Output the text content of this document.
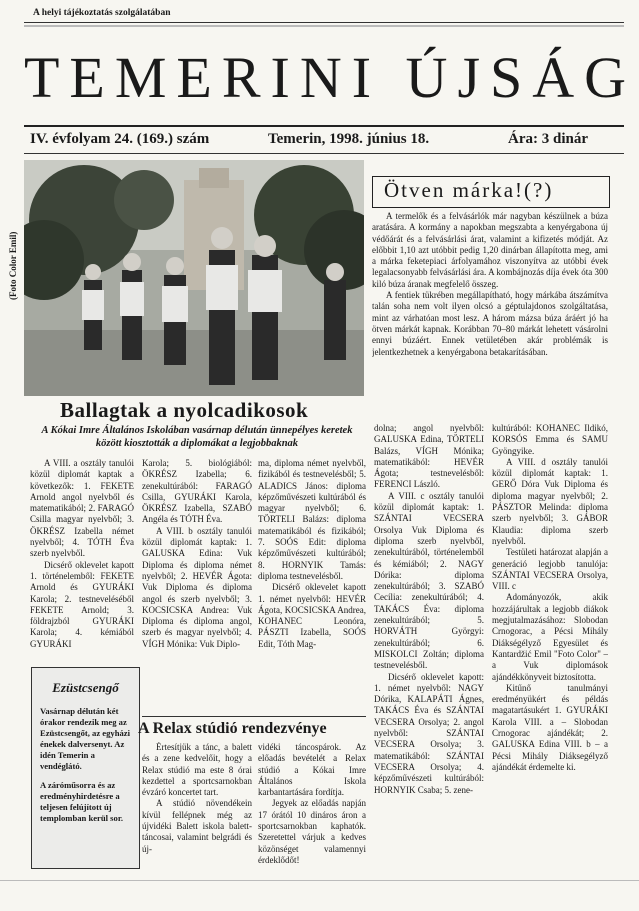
A helyi tájékoztatás szolgálatában
TEMERINI ÚJSÁG
IV. évfolyam 24. (169.) szám	Temerin, 1998. június 18.	Ára: 3 dinár
(Foto Color Emil)
Ötven márka!(?)

A termelők és a felvásárlók már nagyban készülnek a búza aratására. A kormány a napokban megszabta a kenyérgabona új védőárát és a felvásárlási árat, valamint a kifizetés módját. Az előbbit 1,10 azt utóbbit pedig 1,20 dinárban állapította meg, ami a márka feketepiaci árfolyamához viszonyítva az utóbbi évek legalacsonyabb felvásárlási ára. A kombájnozás díja évek óta 300 kiló búza áranak megfelelő összeg.

A fentiek tükrében megállapítható, hogy márkába átszámítva talán soha nem volt ilyen olcsó a géptulajdonos szolgáltatása, mint az várhatóan most lesz. A három mázsa búza áráért jó ha ötven márkát kapnak. Korábban 70–80 márkát lehetett vásárolni ennyi búzáért. Ennek vetületében akár problémák is jelentkezhetnek a kenyérgabona betakarításában.

Ballagtak a nyolcadikosok
A Kókai Imre Általános Iskolában vasárnap délután ünnepélyes keretek között kiosztották a diplomákat a legjobbaknak

A VIII. a osztály tanulói közül diplomát kaptak a következők: 1. FEKETE Arnold angol nyelvből és matematikából; 2. FARAGÓ Csilla magyar nyelvből; 3. ÖKRÉSZ Izabella német nyelvből; 4. TÓTH Éva szerb nyelvből.

Dicsérő oklevelet kapott 1. történelemből: FEKETE Arnold és GYURÁKI Karola; 2. testneveléséből FEKETE Arnold; 3. földrajzból GYURÁKI Karola; 4. kémiából GYURÁKI

Karola; 5. biológiából: ÖKRÉSZ Izabella; 6. zenekultúrából: FARAGÓ Csilla, GYURÁKI Karola, ÖKRÉSZ Izabella, SZABÓ Angéla és TÓTH Éva.

A VIII. b osztály tanulói közül diplomát kaptak: 1. GALUSKA Edina: Vuk Diploma és diploma német nyelvből; 2. HEVÉR Ágota: Vuk Diploma és diploma angol és szerb nyelvből; 3. KOCSICSKA Andrea: Vuk Diploma és diploma angol, szerb és magyar nyelvből; 4. VÍGH Mónika: Vuk Diplo-

ma, diploma német nyelvből, fizikából és testnevelésből; 5. ALADICS János: diploma képzőművészeti kultúrából és magyar nyelvből; 6. TÖRTELI Balázs: diploma matematikából és fizikából; 7. SOÓS Edit: diploma képzőművészeti kultúrából; 8. HORNYIK Tamás: diploma testnevelésből.

Dicsérő oklevelet kapott 1. német nyelvből: HEVÉR Ágota, KOCSICSKA Andrea, KOHANEC Leonóra, PÁSZTI Izabella, SOÓS Edit, Tóth Mag-

dolna; angol nyelvből: GALUSKA Edina, TÖRTELI Balázs, VÍGH Mónika; matematikából: HEVÉR Ágota; testnevelésből: FERENCI László.

A VIII. c osztály tanulói közül diplomát kaptak: 1. SZÁNTAI VECSERA Orsolya Vuk Diploma és diploma szerb nyelvből, zenekultúrából, történelemből és kémiából; 2. NAGY Dórika: diploma zenekultúrából; 3. SZABÓ Cecília: zenekultúrából; 4. TAKÁCS Éva: diploma zenekultúrából; 5. HORVÁTH Györgyi: zenekultúrából; 6. MISKOLCI Zoltán; diploma testnevelésből.

Dicsérő oklevelet kapott: 1. német nyelvből: NAGY Dórika, KALAPÁTI Ágnes, TAKÁCS Éva és SZÁNTAI VECSERA Orsolya; 2. angol nyelvből: SZÁNTAI VECSERA Orsolya; 3. matematikából: SZÁNTAI VECSERA Orsolya; 4. képzőművészeti kultúrából: HORNYIK Csaba; 5. zene-

kultúrából: KOHANEC Ildikó, KORSÓS Emma és SAMU Gyöngyike.

A VIII. d osztály tanulói közül diplomát kaptak: 1. GERŐ Dóra Vuk Diploma és diploma magyar nyelvből; 2. PÁSZTOR Melinda: diploma szerb nyelvből; 3. GÁBOR Klaudia: diploma szerb nyelvből.

Testületi határozat alapján a generáció legjobb tanulója: SZÁNTAI VECSERA Orsolya, VIII. c

Adományozók, akik hozzájárultak a legjobb diákok megjutalmazásához: Slobodan Crnogorac, a Pécsi Mihály Diákségélyző Egyesület és Kantardžić Emil "Foto Color" – a Vuk diplomások ajándékkönyveit biztosította.

Kitűnő tanulmányi eredményükért és példás magatartásukért 1. GYURÁKI Karola VIII. a – Slobodan Crnogorac ajándékát; 2. GALUSKA Edina VIII. b – a Pécsi Mihály Diáksegélyző ajándékát érdemelte ki.

Ezüstcsengő

Vasárnap délután két órakor rendezik meg az Ezüstcsengőt, az egyházi énekek dalversenyt. Az idén Temerin a vendéglátó.

A záróműsorra és az eredményhirdetésre a teljesen felújított új templomban kerül sor.

A Relax stúdió rendezvénye

Értesítjük a tánc, a balett és a zene kedvelőit, hogy a Relax stúdió ma este 8 órai kezdettel a sportcsarnokban évzáró koncertet tart.

A stúdió növendékein kívül fellépnek még az újvidéki Balett iskola balett-táncosai, valamint belgrádi és új-

vidéki táncospárok. Az előadás bevételét a Relax stúdió a Kókai Imre Általános Iskola karbantartására fordítja.

Jegyek az előadás napján 17 órától 10 dináros áron a sportcsarnokban kaphatók. Szeretettel várjuk a kedves közönséget valamennyi érdeklődőt!
